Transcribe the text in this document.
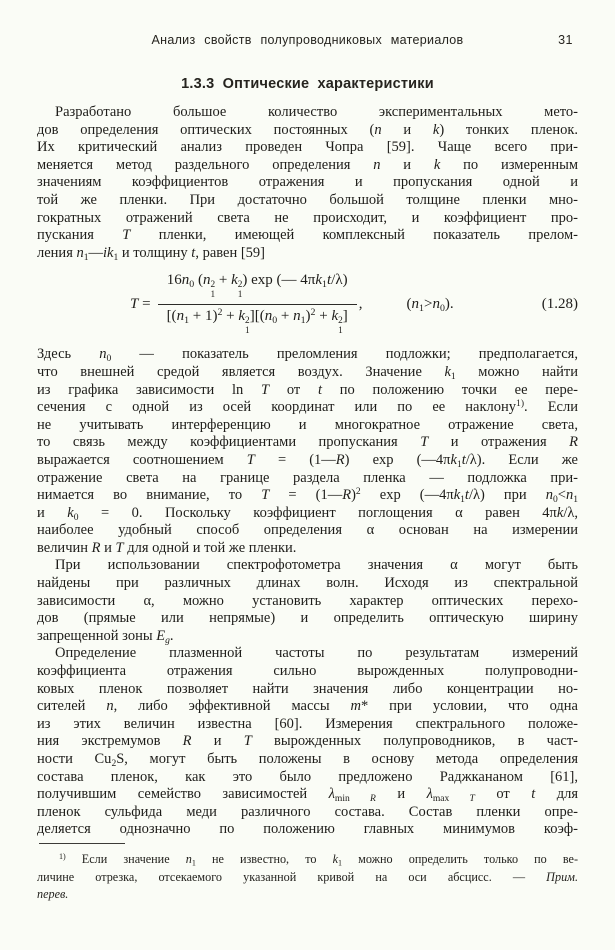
Анализ свойств полупроводниковых материалов	31
1.3.3 Оптические характеристики
Разработано большое количество экспериментальных мето-
дов определения оптических постоянных (n и k) тонких пленок.
Их критический анализ проведен Чопра [59]. Чаще всего при-
меняется метод раздельного определения n и k по измеренным
значениям коэффициентов отражения и пропускания одной и
той же пленки. При достаточно большой толщине пленки мно-
гократных отражений света не происходит, и коэффициент про-
пускания T пленки, имеющей комплексный показатель прелом-
ления $n_1—ik_1$ и толщину t, равен [59]
$T = 16n_0$ (n 2
1
+ k 2
1
) exp (— $4\pi k_1t/\lambda$)
[$(n_1 + 1)^2 + k$ 2
1
][$(n_0 + n_1)^2 + k$ 2
1
] ,	$(n_1>n_0)$.	(1.28)
Здесь $n_0$ — показатель преломления подложки; предполагается,
что внешней средой является воздух. Значение $k_1$ можно найти
из графика зависимости ln T от t по положению точки ее пере-
сечения с одной из осей координат или по ее наклону$^{1)}$. Если
не учитывать интерференцию и многократное отражение света,
то связь между коэффициентами пропускания T и отражения R
выражается соотношением T = (1—R) $\exp (—4\pi k_1t/\lambda)$. Если же
отражение света на границе раздела пленка — подложка при-
нимается во внимание, то T = (1—R)$^2$ $\exp (—4\pi k_1t/\lambda)$ при $n_0<n_1$
и $k_0 = 0$. Поскольку коэффициент поглощения α равен 4πk/λ,
наиболее удобный способ определения α основан на измерении
величин R и T для одной и той же пленки.
При использовании спектрофотометра значения α могут быть
найдены при различных длинах волн. Исходя из спектральной
зависимости α, можно установить характер оптических перехо-
дов (прямые или непрямые) и определить оптическую ширину
запрещенной зоны $E_g$.
Определение плазменной частоты по результатам измерений
коэффициента отражения сильно вырожденных полупроводни-
ковых пленок позволяет найти значения либо концентрации но-
сителей n, либо эффективной массы m* при условии, что одна
из этих величин известна [60]. Измерения спектрального положе-
ния экстремумов R и T вырожденных полупроводников, в част-
ности $Cu_2S$, могут быть положены в основу метода определения
состава пленок, как это было предложено Раджкананом [61],
получившим семейство зависимостей $\lambda_{min R}$ и $\lambda_{max T}$ от t для
пленок сульфида меди различного состава. Состав пленки опре-
деляется однозначно по положению главных минимумов коэф-
$^{1)}$ Если значение $n_1$ не известно, то $k_1$ можно определить только по ве-
личине отрезка, отсекаемого указанной кривой на оси абсцисс. — Прим.
перев.
